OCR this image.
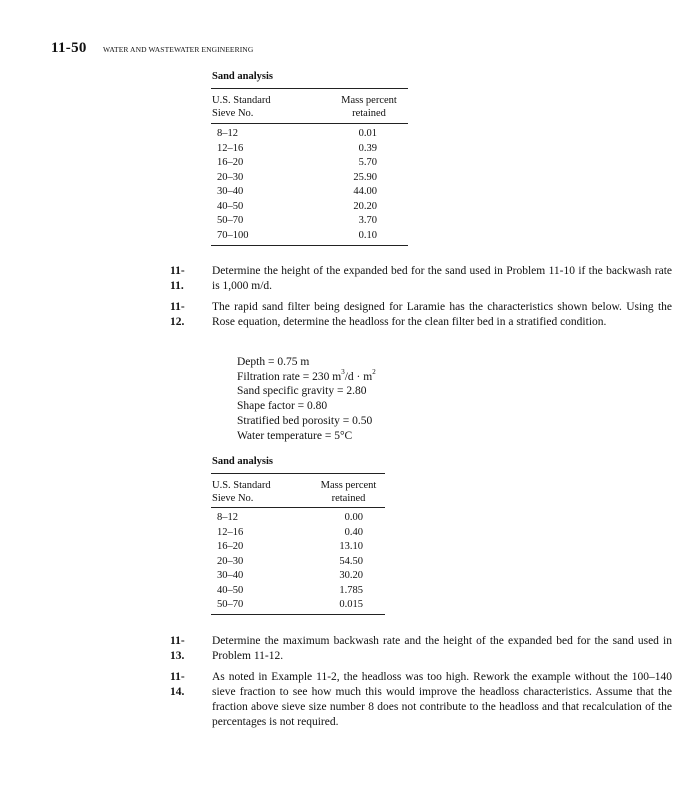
11-50 WATER AND WASTEWATER ENGINEERING
Sand analysis
U.S. Standard
Sieve No.
Mass percent
retained
8–12	0.01
12–16	0.39
16–20	5.70
20–30	25.90
30–40	44.00
40–50	20.20
50–70	3.70
70–100	0.10
11-11.
Determine the height of the expanded bed for the sand used in Problem 11-10 if the backwash rate is 1,000 m/d.
11-12.
The rapid sand filter being designed for Laramie has the characteristics shown below. Using the Rose equation, determine the headloss for the clean filter bed in a stratified condition.
Depth = 0.75 m
Filtration rate = 230 $m^3/d \cdot m^2$
Sand specific gravity = 2.80
Shape factor = 0.80
Stratified bed porosity = 0.50
Water temperature = 5°C
Sand analysis
U.S. Standard
Sieve No.
Mass percent
retained
8–12	0.00
12–16	0.40
16–20	13.10
20–30	54.50
30–40	30.20
40–50	1.785
50–70	0.015
11-13.
Determine the maximum backwash rate and the height of the expanded bed for the sand used in Problem 11-12.
11-14.
As noted in Example 11-2, the headloss was too high. Rework the example without the 100–140 sieve fraction to see how much this would improve the headloss characteristics. Assume that the fraction above sieve size number 8 does not contribute to the headloss and that recalculation of the percentages is not required.
